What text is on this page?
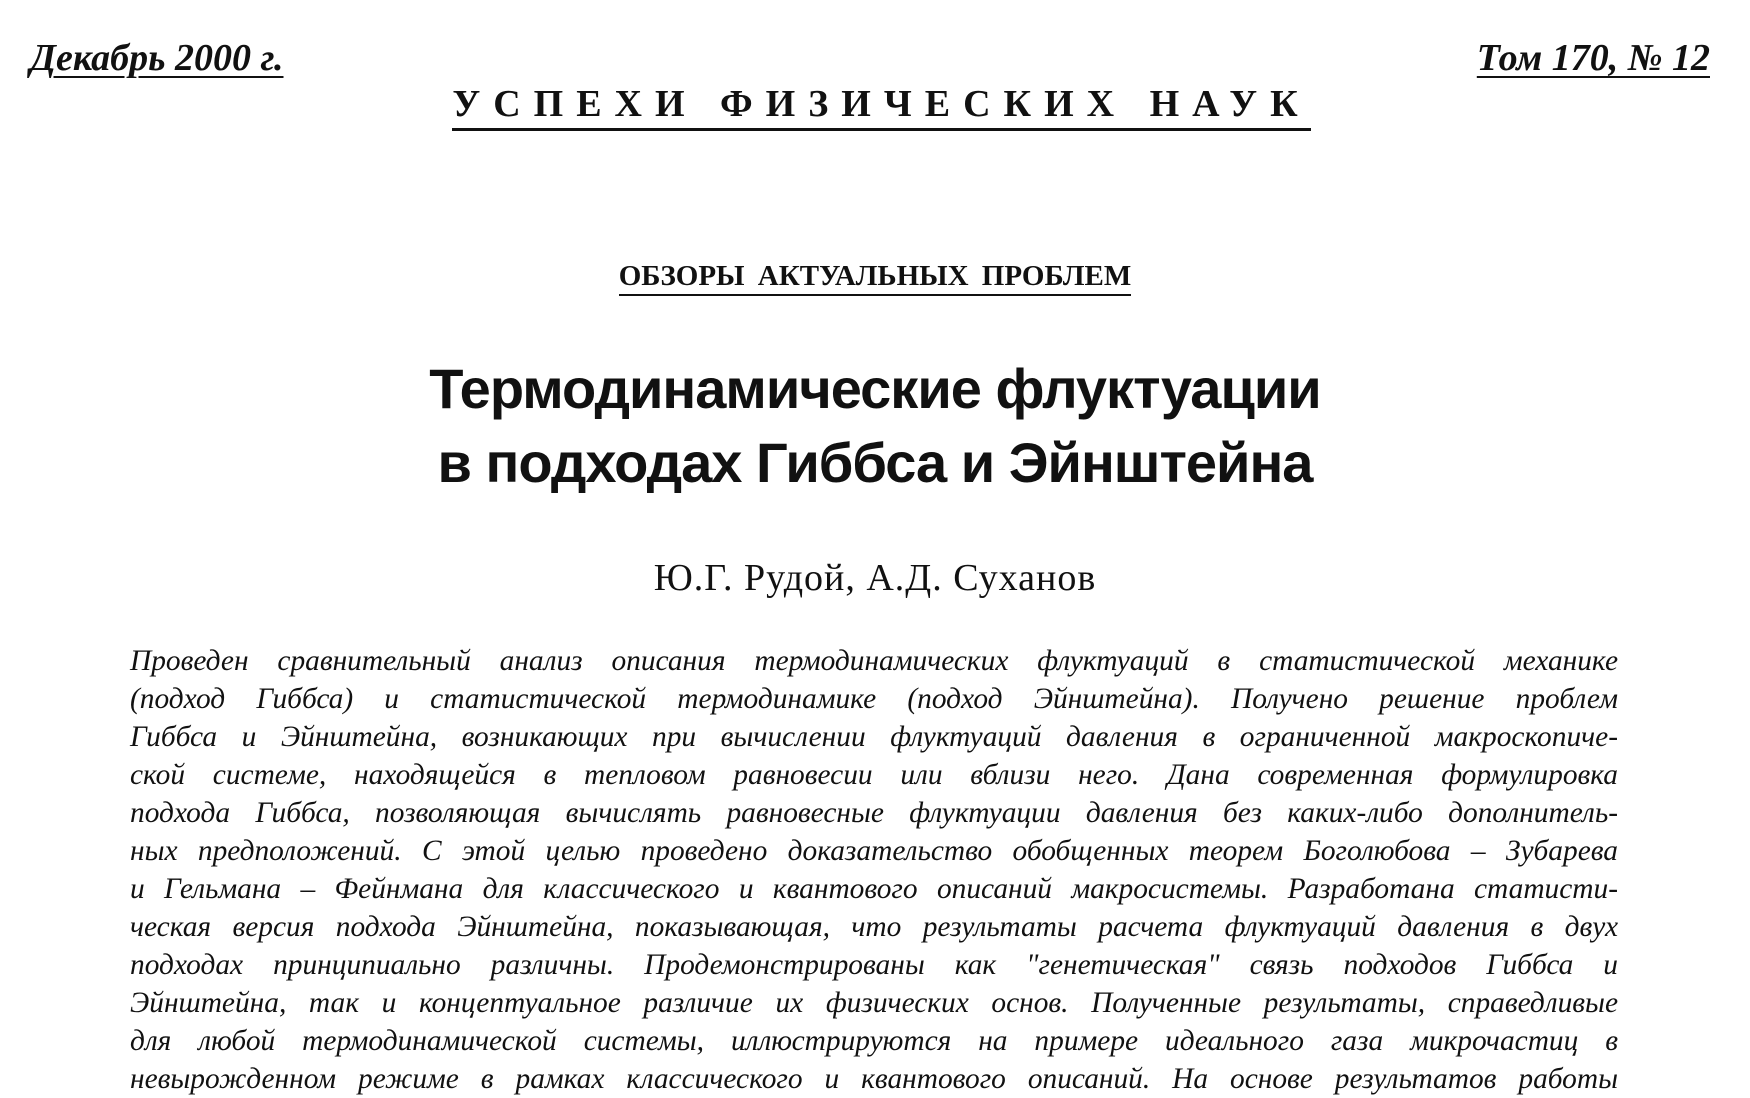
Декабрь 2000 г.	Том 170, № 12
УСПЕХИ ФИЗИЧЕСКИХ НАУК
ОБЗОРЫ АКТУАЛЬНЫХ ПРОБЛЕМ
Термодинамические флуктуации
в подходах Гиббса и Эйнштейна
Ю.Г. Рудой, А.Д. Суханов

Проведен сравнительный анализ описания термодинамических флуктуаций в статистической механике
(подход Гиббса) и статистической термодинамике (подход Эйнштейна). Получено решение проблем
Гиббса и Эйнштейна, возникающих при вычислении флуктуаций давления в ограниченной макроскопиче-
ской системе, находящейся в тепловом равновесии или вблизи него. Дана современная формулировка
подхода Гиббса, позволяющая вычислять равновесные флуктуации давления без каких-либо дополнитель-
ных предположений. С этой целью проведено доказательство обобщенных теорем Боголюбова – Зубарева
и Гельмана – Фейнмана для классического и квантового описаний макросистемы. Разработана статисти-
ческая версия подхода Эйнштейна, показывающая, что результаты расчета флуктуаций давления в двух
подходах принципиально различны. Продемонстрированы как "генетическая" связь подходов Гиббса и
Эйнштейна, так и концептуальное различие их физических основ. Полученные результаты, справедливые
для любой термодинамической системы, иллюстрируются на примере идеального газа микрочастиц в
невырожденном режиме в рамках классического и квантового описаний. На основе результатов работы
